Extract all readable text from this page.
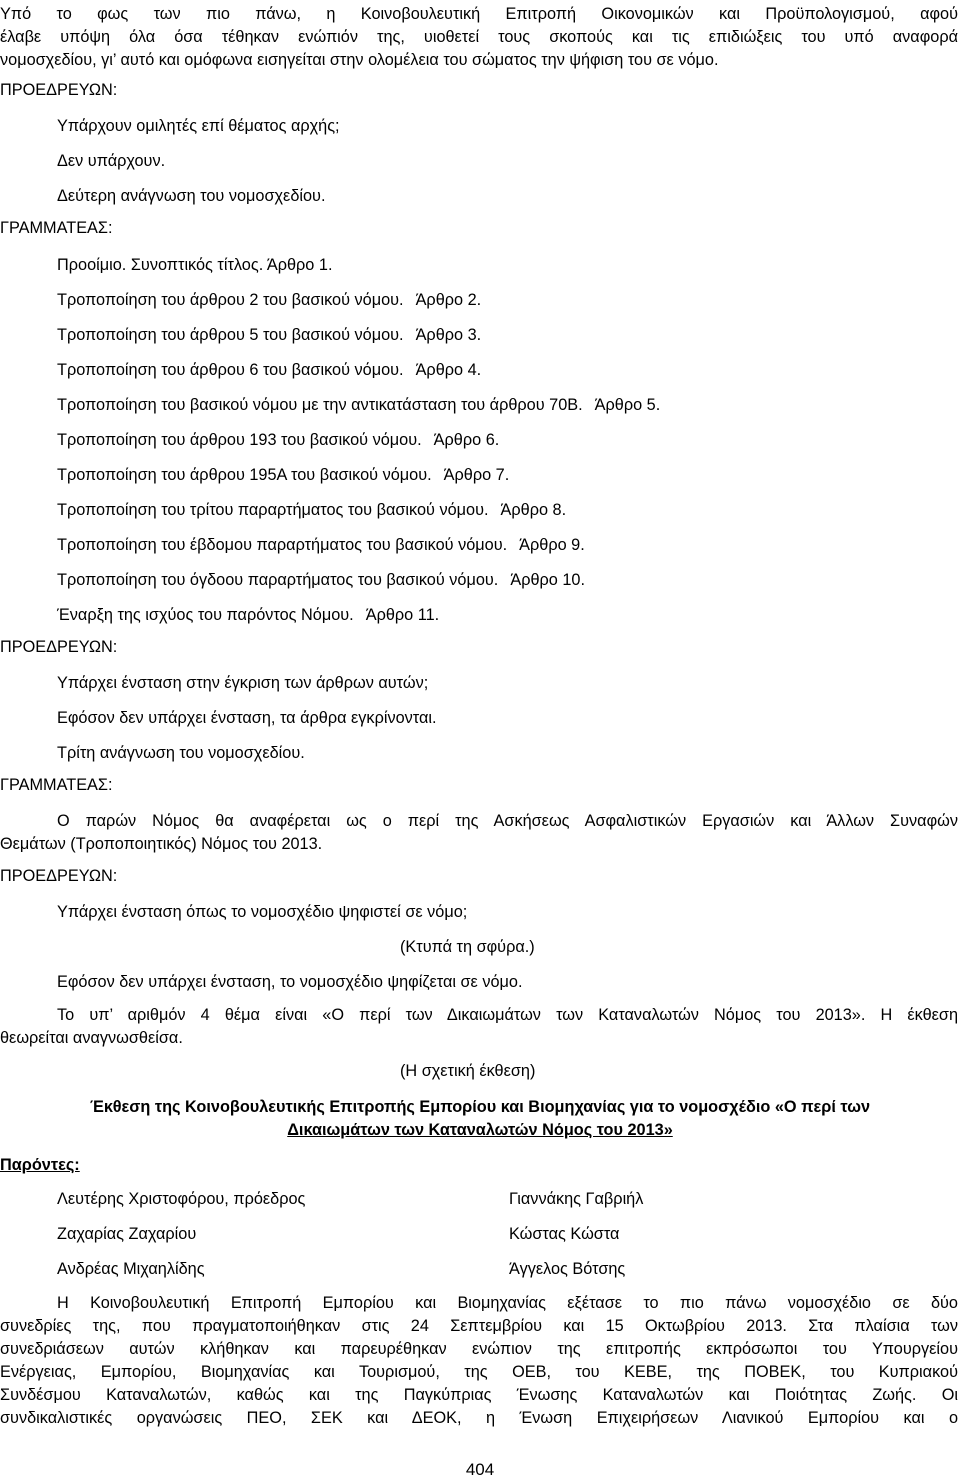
Υπό το φως των πιο πάνω, η Κοινοβουλευτική Επιτροπή Οικονομικών και Προϋπολογισμού, αφού
έλαβε υπόψη όλα όσα τέθηκαν ενώπιόν της, υιοθετεί τους σκοπούς και τις επιδιώξεις του υπό αναφορά
νομοσχεδίου, γι’ αυτό και ομόφωνα εισηγείται στην ολομέλεια του σώματος την ψήφιση του σε νόμο.
ΠΡΟΕΔΡΕΥΩΝ:
Υπάρχουν ομιλητές επί θέματος αρχής;
Δεν υπάρχουν.
Δεύτερη ανάγνωση του νομοσχεδίου.
ΓΡΑΜΜΑΤΕΑΣ:
Προοίμιο. Συνοπτικός τίτλος. Άρθρο 1.
Τροποποίηση του άρθρου 2 του βασικού νόμου. Άρθρο 2.
Τροποποίηση του άρθρου 5 του βασικού νόμου. Άρθρο 3.
Τροποποίηση του άρθρου 6 του βασικού νόμου. Άρθρο 4.
Τροποποίηση του βασικού νόμου με την αντικατάσταση του άρθρου 70Β. Άρθρο 5.
Τροποποίηση του άρθρου 193 του βασικού νόμου. Άρθρο 6.
Τροποποίηση του άρθρου 195Α του βασικού νόμου. Άρθρο 7.
Τροποποίηση του τρίτου παραρτήματος του βασικού νόμου. Άρθρο 8.
Τροποποίηση του έβδομου παραρτήματος του βασικού νόμου. Άρθρο 9.
Τροποποίηση του όγδοου παραρτήματος του βασικού νόμου. Άρθρο 10.
Έναρξη της ισχύος του παρόντος Νόμου. Άρθρο 11.
ΠΡΟΕΔΡΕΥΩΝ:
Υπάρχει ένσταση στην έγκριση των άρθρων αυτών;
Εφόσον δεν υπάρχει ένσταση, τα άρθρα εγκρίνονται.
Τρίτη ανάγνωση του νομοσχεδίου.
ΓΡΑΜΜΑΤΕΑΣ:
Ο παρών Νόμος θα αναφέρεται ως ο περί της Ασκήσεως Ασφαλιστικών Εργασιών και Άλλων Συναφών
Θεμάτων (Τροποποιητικός) Νόμος του 2013.
ΠΡΟΕΔΡΕΥΩΝ:
Υπάρχει ένσταση όπως το νομοσχέδιο ψηφιστεί σε νόμο;
(Κτυπά τη σφύρα.)
Εφόσον δεν υπάρχει ένσταση, το νομοσχέδιο ψηφίζεται σε νόμο.
Το υπ’ αριθμόν 4 θέμα είναι «Ο περί των Δικαιωμάτων των Καταναλωτών Νόμος του 2013». Η έκθεση
θεωρείται αναγνωσθείσα.
(Η σχετική έκθεση)
Έκθεση της Κοινοβουλευτικής Επιτροπής Εμπορίου και Βιομηχανίας για το νομοσχέδιο «Ο περί των
Δικαιωμάτων των Καταναλωτών Νόμος του 2013»
Παρόντες:
Λευτέρης Χριστοφόρου, πρόεδρος
Ζαχαρίας Ζαχαρίου
Ανδρέας Μιχαηλίδης
Γιαννάκης Γαβριήλ
Κώστας Κώστα
Άγγελος Βότσης
Η Κοινοβουλευτική Επιτροπή Εμπορίου και Βιομηχανίας εξέτασε το πιο πάνω νομοσχέδιο σε δύο
συνεδρίες της, που πραγματοποιήθηκαν στις 24 Σεπτεμβρίου και 15 Οκτωβρίου 2013. Στα πλαίσια των
συνεδριάσεων αυτών κλήθηκαν και παρευρέθηκαν ενώπιον της επιτροπής εκπρόσωποι του Υπουργείου
Ενέργειας, Εμπορίου, Βιομηχανίας και Τουρισμού, της ΟΕΒ, του ΚΕΒΕ, της ΠΟΒΕΚ, του Κυπριακού
Συνδέσμου Καταναλωτών, καθώς και της Παγκύπριας Ένωσης Καταναλωτών και Ποιότητας Ζωής. Οι
συνδικαλιστικές οργανώσεις ΠΕΟ, ΣΕΚ και ΔΕΟΚ, η Ένωση Επιχειρήσεων Λιανικού Εμπορίου και ο
404
